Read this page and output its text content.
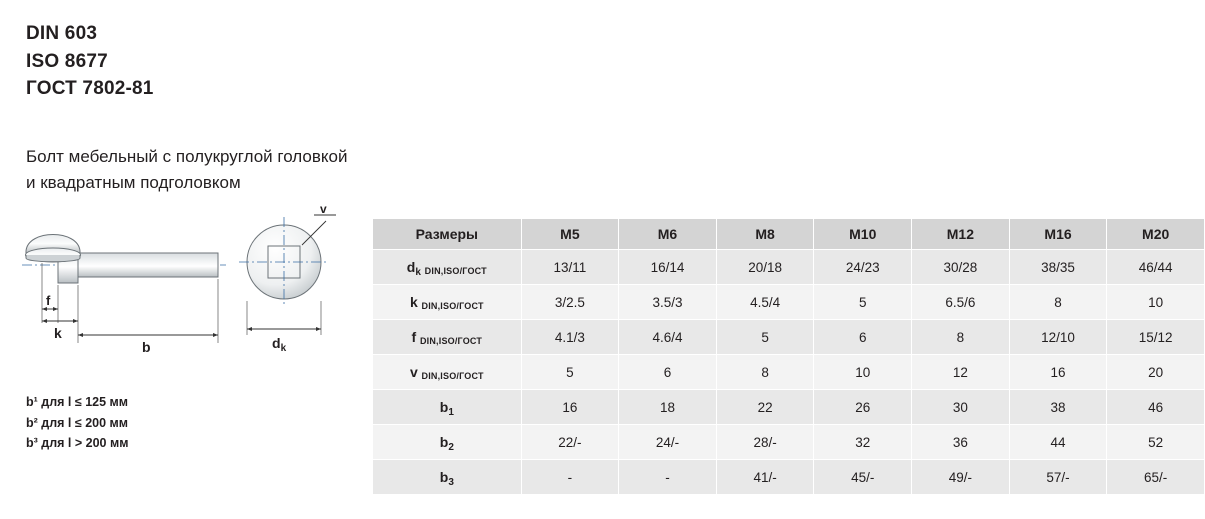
DIN 603
ISO 8677
ГОСТ 7802-81
Болт мебельный с полукруглой головкой
и квадратным подголовком
f
k
b
v
$d_k$
b¹ для l ≤ 125 мм
b² для l ≤ 200 мм
b³ для l > 200 мм
Размеры	M5	M6	M8	M10	M12	M16	M20
$d_k$ DIN,ISO/ГОСТ	13/11	16/14	20/18	24/23	30/28	38/35	46/44
k DIN,ISO/ГОСТ	3/2.5	3.5/3	4.5/4	5	6.5/6	8	10
f DIN,ISO/ГОСТ	4.1/3	4.6/4	5	6	8	12/10	15/12
v DIN,ISO/ГОСТ	5	6	8	10	12	16	20
$b_1$	16	18	22	26	30	38	46
$b_2$	22/-	24/-	28/-	32	36	44	52
$b_3$	-	-	41/-	45/-	49/-	57/-	65/-
